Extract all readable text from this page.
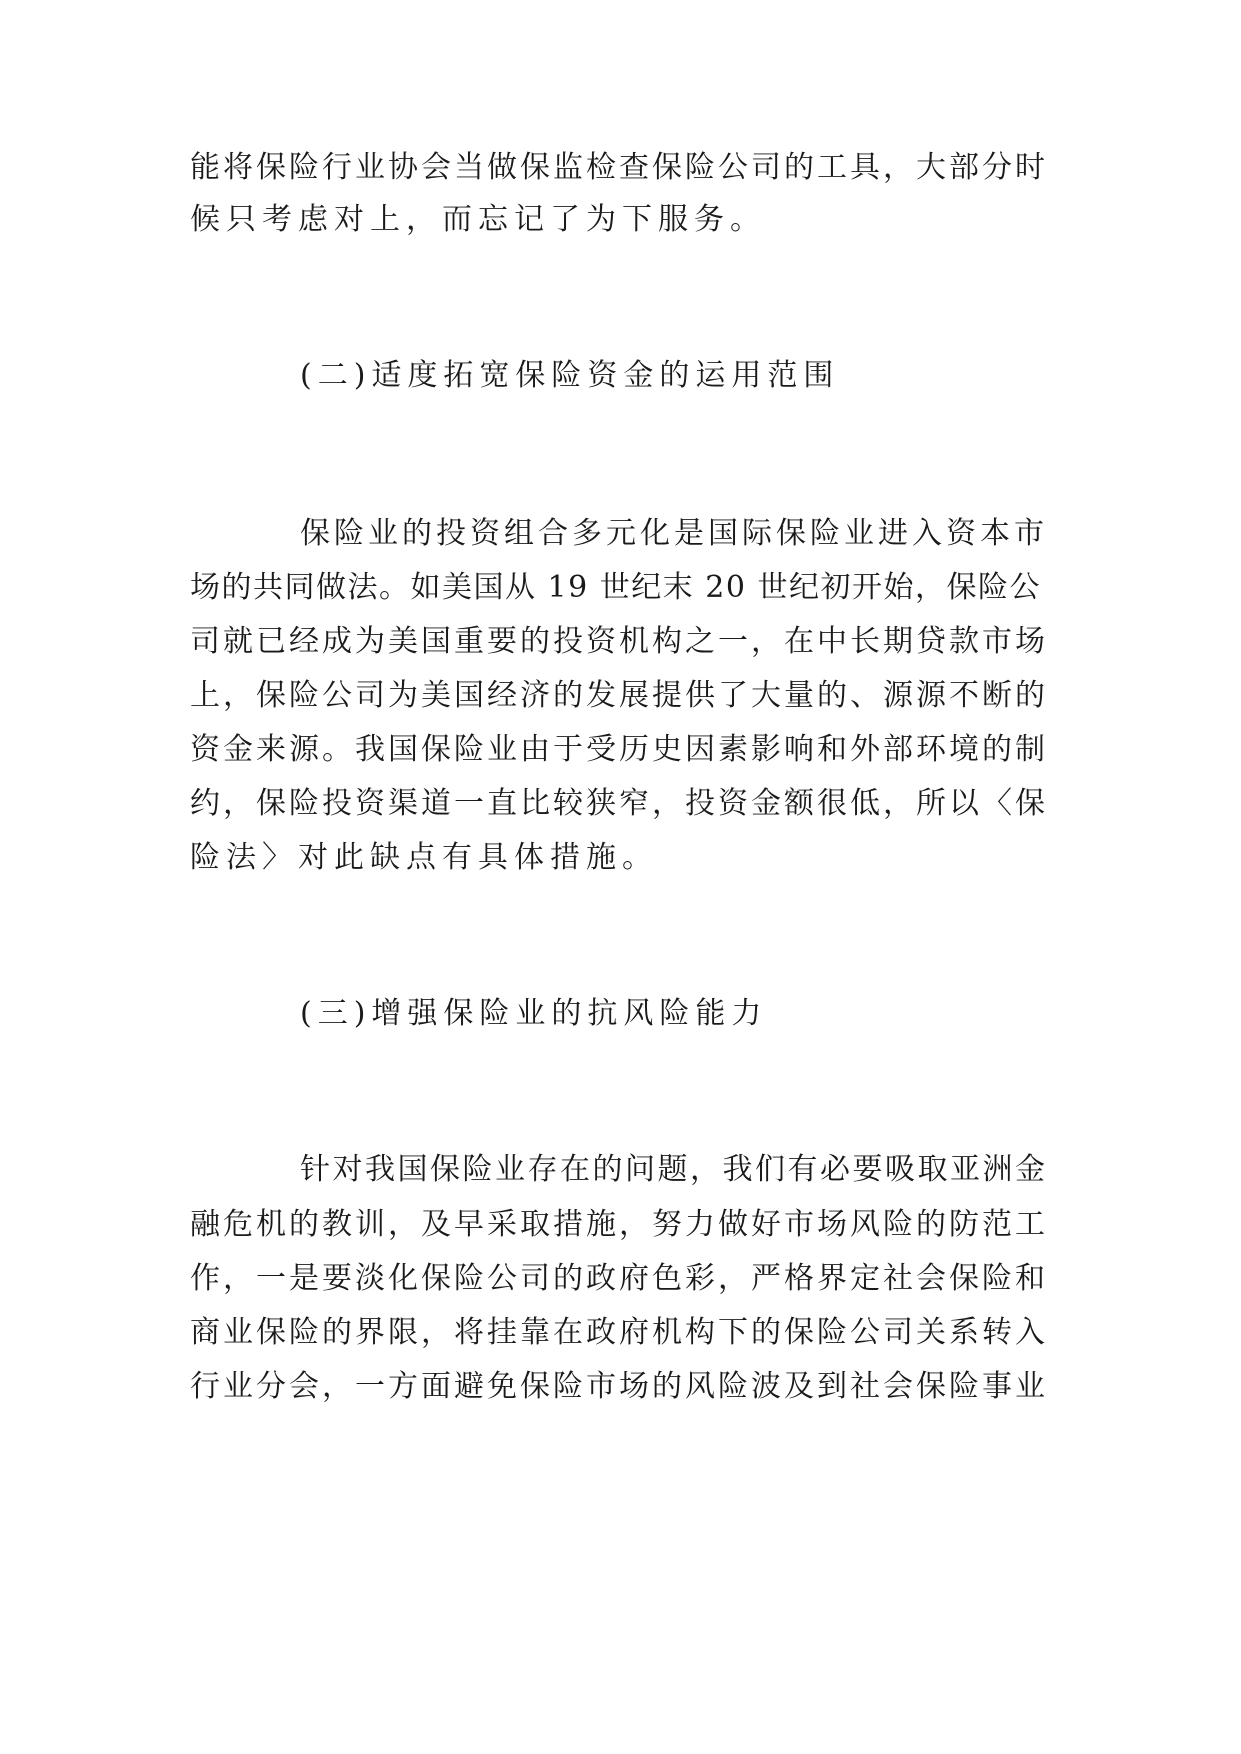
能将保险行业协会当做保监检查保险公司的工具，大部分时
候只考虑对上，而忘记了为下服务。
(二)适度拓宽保险资金的运用范围
保险业的投资组合多元化是国际保险业进入资本市
场的共同做法。如美国从 19 世纪末 20 世纪初开始，保险公
司就已经成为美国重要的投资机构之一，在中长期贷款市场
上，保险公司为美国经济的发展提供了大量的、源源不断的
资金来源。我国保险业由于受历史因素影响和外部环境的制
约，保险投资渠道一直比较狭窄，投资金额很低，所以〈保
险法〉对此缺点有具体措施。
(三)增强保险业的抗风险能力
针对我国保险业存在的问题，我们有必要吸取亚洲金
融危机的教训，及早采取措施，努力做好市场风险的防范工
作，一是要淡化保险公司的政府色彩，严格界定社会保险和
商业保险的界限，将挂靠在政府机构下的保险公司关系转入
行业分会，一方面避免保险市场的风险波及到社会保险事业
